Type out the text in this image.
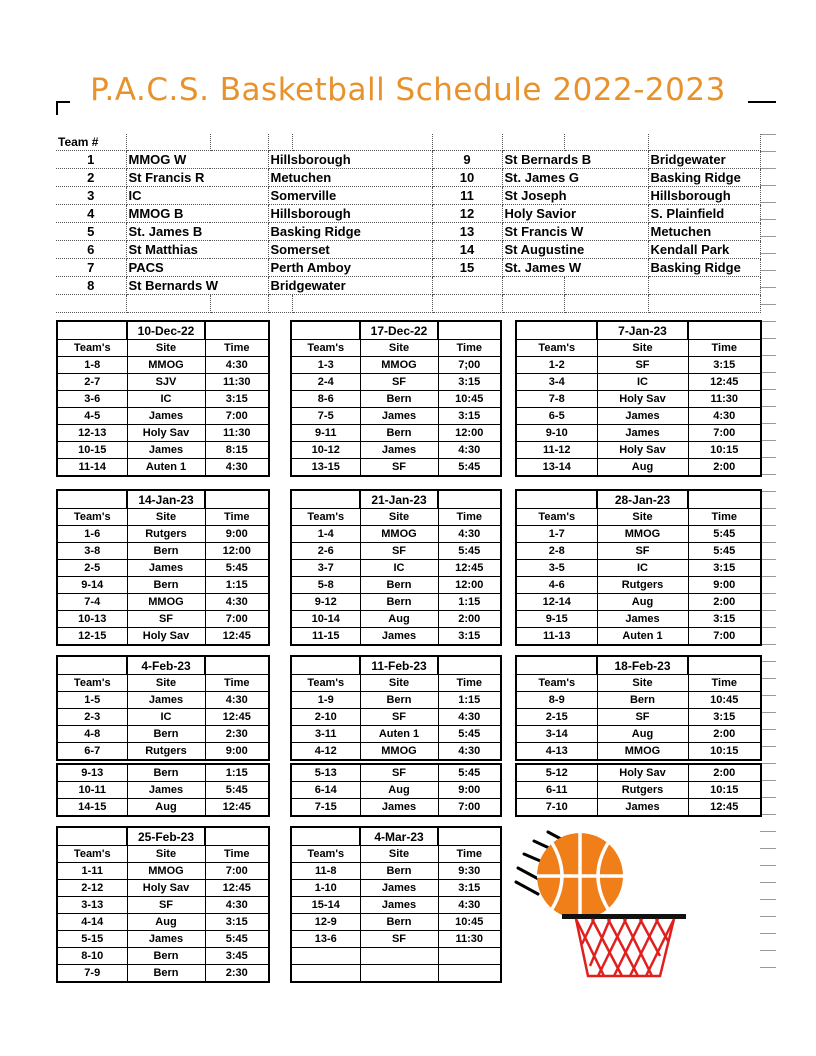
P.A.C.S. Basketball Schedule 2022-2023
Team #								
1	MMOG W		Hillsborough		9	St Bernards B		Bridgewater
2	St Francis R		Metuchen		10	St. James G		Basking Ridge
3	IC		Somerville		11	St Joseph		Hillsborough
4	MMOG B		Hillsborough		12	Holy Savior		S. Plainfield
5	St. James B		Basking Ridge		13	St Francis W		Metuchen
6	St Matthias		Somerset		14	St Augustine		Kendall Park
7	PACS		Perth Amboy		15	St. James W		Basking Ridge
8	St Bernards W		Bridgewater					

	10-Dec-22	
Team's	Site	Time
1-8	MMOG	4:30
2-7	SJV	11:30
3-6	IC	3:15
4-5	James	7:00
12-13	Holy Sav	11:30
10-15	James	8:15
11-14	Auten 1	4:30
	17-Dec-22	
Team's	Site	Time
1-3	MMOG	7;00
2-4	SF	3:15
8-6	Bern	10:45
7-5	James	3:15
9-11	Bern	12:00
10-12	James	4:30
13-15	SF	5:45
	7-Jan-23	
Team's	Site	Time
1-2	SF	3:15
3-4	IC	12:45
7-8	Holy Sav	11:30
6-5	James	4:30
9-10	James	7:00
11-12	Holy Sav	10:15
13-14	Aug	2:00
	14-Jan-23	
Team's	Site	Time
1-6	Rutgers	9:00
3-8	Bern	12:00
2-5	James	5:45
9-14	Bern	1:15
7-4	MMOG	4:30
10-13	SF	7:00
12-15	Holy Sav	12:45
	21-Jan-23	
Team's	Site	Time
1-4	MMOG	4:30
2-6	SF	5:45
3-7	IC	12:45
5-8	Bern	12:00
9-12	Bern	1:15
10-14	Aug	2:00
11-15	James	3:15
	28-Jan-23	
Team's	Site	Time
1-7	MMOG	5:45
2-8	SF	5:45
3-5	IC	3:15
4-6	Rutgers	9:00
12-14	Aug	2:00
9-15	James	3:15
11-13	Auten 1	7:00
	4-Feb-23	
Team's	Site	Time
1-5	James	4:30
2-3	IC	12:45
4-8	Bern	2:30
6-7	Rutgers	9:00
9-13	Bern	1:15
10-11	James	5:45
14-15	Aug	12:45
	11-Feb-23	
Team's	Site	Time
1-9	Bern	1:15
2-10	SF	4:30
3-11	Auten 1	5:45
4-12	MMOG	4:30
5-13	SF	5:45
6-14	Aug	9:00
7-15	James	7:00
	18-Feb-23	
Team's	Site	Time
8-9	Bern	10:45
2-15	SF	3:15
3-14	Aug	2:00
4-13	MMOG	10:15
5-12	Holy Sav	2:00
6-11	Rutgers	10:15
7-10	James	12:45
	25-Feb-23	
Team's	Site	Time
1-11	MMOG	7:00
2-12	Holy Sav	12:45
3-13	SF	4:30
4-14	Aug	3:15
5-15	James	5:45
8-10	Bern	3:45
7-9	Bern	2:30
	4-Mar-23	
Team's	Site	Time
11-8	Bern	9:30
1-10	James	3:15
15-14	James	4:30
12-9	Bern	10:45
13-6	SF	11:30
